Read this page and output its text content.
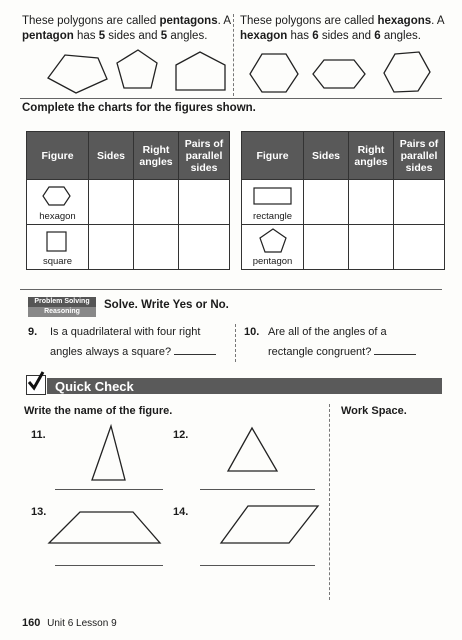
These polygons are called pentagons. A pentagon has 5 sides and 5 angles.
These polygons are called hexagons. A hexagon has 6 sides and 6 angles.
Complete the charts for the figures shown.
Figure	Sides	Right angles	Pairs of parallel sides

hexagon			

square			

Figure	Sides	Right angles	Pairs of parallel sides

rectangle			

pentagon			

Problem Solving
Reasoning
Solve. Write Yes or No.
9. Is a quadrilateral with four right
angles always a square?
10. Are all of the angles of a
rectangle congruent?
Quick Check
Write the name of the figure.	Work Space.
11.	12.
13.	14.
160 Unit 6 Lesson 9
